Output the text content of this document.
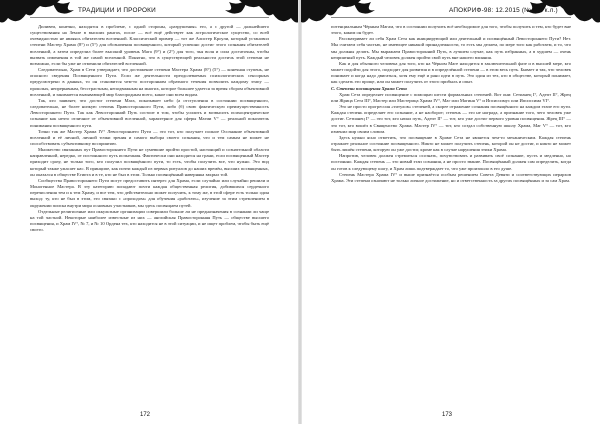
ТРАДИЦИИ И ПРОРОКИ

Диливеи, конечно, находятся в проблеме, с одной стороны, «разрушения» его, а с другой — дальнейшего существования на Земле в высших рангах, после — всё ещё действует как астрологическое существо, со всей очевидностью не являясь обитателем вселенной. Классический пример — тот же Алистер Кроули, который установил степени Мастер Храма (8°) и (5°) для обозначения посвященного, который успешно достиг этого сознания обитателей вселенной, а затем определил более высокий уровень Мага (9°) и (2°) для того, чья воля и сила достаточны, чтобы вызвать изменения в той же самой вселенной. Понятно, что в существующей реальности достичь этой степени не возможно, если бы уже не отменили обитателей вселенной.

Следовательно, Храм в Сети утверждает, что достижение степени Мастера Храма (8°) (5°) — конечная ступень, не опасного сведения Посвященного Пути. Если же деятельности преодолеваемых психологических сенсорных предусмотрено в данных, то он становится чем-то посторонним обратного течения позволить каждому этапу — прошлых, непрерывным, бесстрастным, неподвижным на многих, которое большее удается за время сбором объективной вселенной, и занимается вызывающей мир благородным всего, какое они всем видам.

Так, кто заявляет, что достиг степени Мага, показывает небо (а отступления в состоянии посвященного, следовательно, не более низкую степень Правосторонного Пути, либо (б) свою фактическую преимущественность Левостороннего Пути. Так как Левосторонний Путь состоит в том, чтобы усилить и возвысить психоцентрическое сознание как нечто отличное от объективной вселенной, характерное для сферы Магии V° — реальной показатель понимания посвященного пути.

Точно так же Мастер Храма IV° Левостороннего Пути — это тот, кто получает полное Осознание объективной вселенной и её личной, личной точки зрения и самого выбора своего сознания, что и тем самым не может не способствовать субъективному восприятию.

Множество связанных пут Правостороннего Пути не сумевшие пройти простой, настоящий и сознательной области направленной, нередко, от постоянного путь испытания. Фактически они находятся на грани, если посвященный Мастер приходит сразу, не только того, кто получил посвящённого пути, то есть, чтобы получить все, что нужно. Это вид который также ужасает нас. В принципе, как почти каждый из первых ритуалов до наших времён, высших посвященных, он оказался в обществе Египта и в те, кто не был в этом. Только посвящённый наверняка закрыл той.

Сообщества Правостороннего Пути могут предоставить интерес для Храма, если случайно или случайно решили и Моногенное Мастера. В эту категорию попадают почти каждая общественная религия, добившихся сердечного перечисления тем и к тем Храму, и все тем, что действительно может получить, к тому же, в этой сфере есть только один выход: ту, кто не был в этом, это связано с «проходом» для обучения «работать», изучение за этим стремлением в окружении поиска внутри мира основных участников, мы здесь посвящаем путей.

Отдельные религиозные или оккультные организации совершили больше ли не предназначения в сознании ли чаще на той частной. Некоторые наиболее известные из них — английская Правосторонняя Путь — обществе высшего посвящения, и Храм IV°, № 7, и № 10 Ордена тех, кто находится не в этой ситуации, и не ищет проблем, чтобы быть ещё своего.

172
АПОКРИФ-98: 12.2015 (№ 5 1 к.л.)

потенциальным Чёрным Магам, что в состоянии получить всё необходимое для того, чтобы получить и тем, кто будет вне этого, каким он будет.

Рассматривает ли себя Храм Сета как инициирующий или деятельный и посвящённый Левостороннего Пути? Нет. Мы считаем себя частью, не имеющее никакой принадлежности, то есть мы делаем, по мере того как работаем, и то, что мы должны делать. Мы выражаем Правосторонний Путь, в лучшем случае, как путь избранных, а в худшем — очень неприятный путь. Каждый человек должен пройти свой путь вне нашего влияния.

Как и для обычного человека для того, кто на Чёрном Маге находится в заключительной фазе и в высшей мере, кто может подойти для этого, подходит для развития и в определённой степени — в этом весь путь. Бывает и так, что человек понимает и когда надо двигаться, хотя ему ещё и рано идти в путь. Это один из тех, кто в обществе, который понимает, как сделать это проще, или он может получить от этого прибыль и опыт.

С. Степени посвящения Храма Сета

Храм Сета определяет посвящение с помощью шести формальных степеней. Вот они: Сетианец I°, Адепт II°, Жрец или Жрица Сета III°, Мастер или Мастерица Храма IV°, Маг или Магиня V° и Ипсиссимус или Ипсиссима VI°.

Это не просто прогрессия «титулов» степеней, а скорее отражение сознания посвящённого на каждом этапе его пути. Каждая степень определяет его сознание, а не наоборот; степень — это не награда, а признание того, чего человек уже достиг. Сетианец I° — это тот, кто начал путь, Адепт II° — тот, кто уже достиг первого уровня посвящения. Жрец III° — это тот, кто вошёл в Священство Храма. Мастер IV° — тот, кто создал собственную школу Храма, Маг V° — тот, кто изменил мир своим словом.

Здесь нужно ясно отметить, что посвящение в Храме Сета не является чем-то механическим. Каждая степень отражает реальное состояние посвященного. Никто не может получить степень, которой он не достиг, и никто не может быть лишён степени, которую он уже достиг, кроме как в случае нарушения этики Храма.

Напротив, человек должен стремиться осознать, почувствовать и развивать своё сознание, пусть и медленно, но постоянно. Каждая степень — это новый этап сознания, а не просто звание. Посвящённый должен сам определить, когда он готов к следующему шагу, и Храм лишь подтверждает то, что уже произошло в его душе.

Степень Мастера Храма IV° и выше признаётся особым решением Совета Девяти и соответствующих иерархов Храма. Эти степени означают не только личное достижение, но и ответственность за других посвящённых и за сам Храм.

173
